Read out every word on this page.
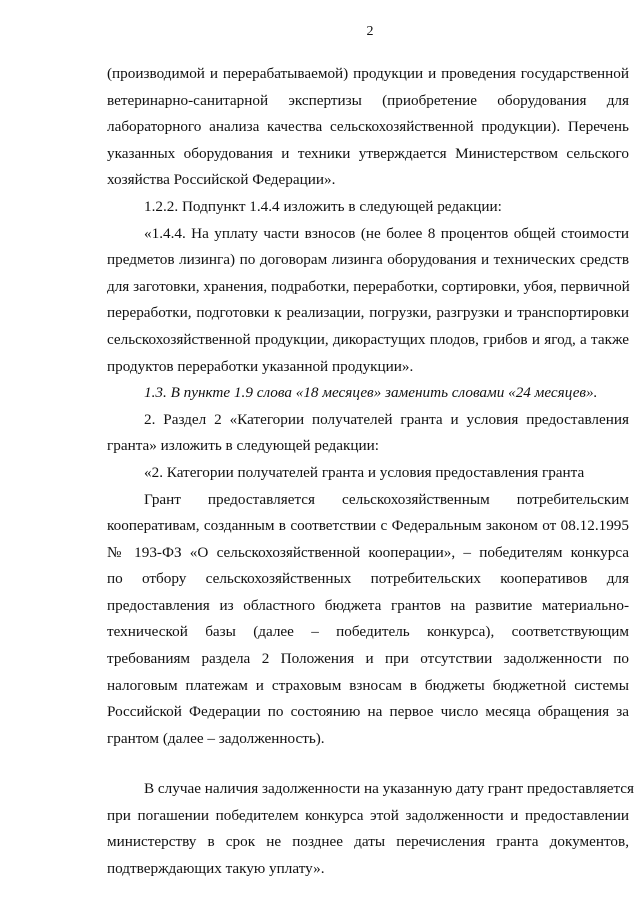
2
(производимой и перерабатываемой) продукции и проведения государственной
ветеринарно-санитарной экспертизы (приобретение оборудования для
лабораторного анализа качества сельскохозяйственной продукции). Перечень
указанных оборудования и техники утверждается Министерством сельского
хозяйства Российской Федерации».
1.2.2. Подпункт 1.4.4 изложить в следующей редакции:
«1.4.4. На уплату части взносов (не более 8 процентов общей стоимости
предметов лизинга) по договорам лизинга оборудования и технических средств
для заготовки, хранения, подработки, переработки, сортировки, убоя, первичной
переработки, подготовки к реализации, погрузки, разгрузки и транспортировки
сельскохозяйственной продукции, дикорастущих плодов, грибов и ягод, а также
продуктов переработки указанной продукции».
1.3. В пункте 1.9 слова «18 месяцев» заменить словами «24 месяцев».
2. Раздел 2 «Категории получателей гранта и условия предоставления
гранта» изложить в следующей редакции:
«2. Категории получателей гранта и условия предоставления гранта
Грант предоставляется сельскохозяйственным потребительским
кооперативам, созданным в соответствии с Федеральным законом от 08.12.1995
№ 193-ФЗ «О сельскохозяйственной кооперации», – победителям конкурса
по отбору сельскохозяйственных потребительских кооперативов для
предоставления из областного бюджета грантов на развитие материально-
технической базы (далее – победитель конкурса), соответствующим
требованиям раздела 2 Положения и при отсутствии задолженности по
налоговым платежам и страховым взносам в бюджеты бюджетной системы
Российской Федерации по состоянию на первое число месяца обращения за
грантом (далее – задолженность).
В случае наличия задолженности на указанную дату грант предоставляется
при погашении победителем конкурса этой задолженности и предоставлении
министерству в срок не позднее даты перечисления гранта документов,
подтверждающих такую уплату».
